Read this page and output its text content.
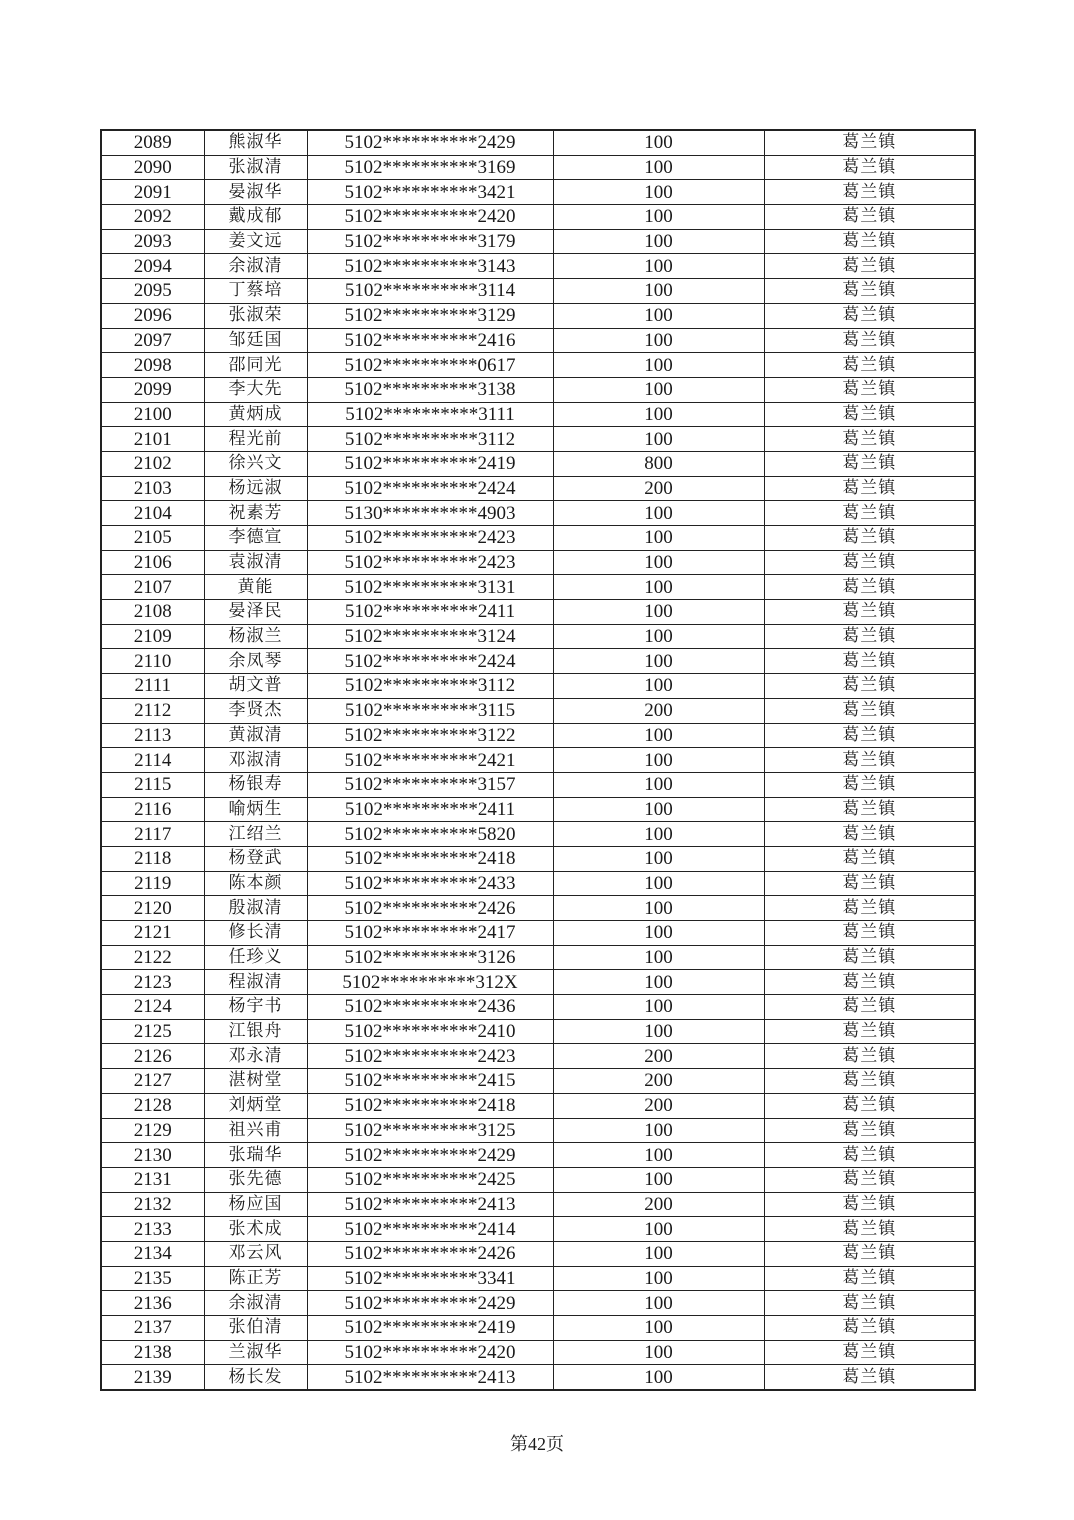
2089	熊淑华	5102**********2429	100	葛兰镇
2090	张淑清	5102**********3169	100	葛兰镇
2091	晏淑华	5102**********3421	100	葛兰镇
2092	戴成郁	5102**********2420	100	葛兰镇
2093	姜文远	5102**********3179	100	葛兰镇
2094	余淑清	5102**********3143	100	葛兰镇
2095	丁蔡培	5102**********3114	100	葛兰镇
2096	张淑荣	5102**********3129	100	葛兰镇
2097	邹廷国	5102**********2416	100	葛兰镇
2098	邵同光	5102**********0617	100	葛兰镇
2099	李大先	5102**********3138	100	葛兰镇
2100	黄炳成	5102**********3111	100	葛兰镇
2101	程光前	5102**********3112	100	葛兰镇
2102	徐兴文	5102**********2419	800	葛兰镇
2103	杨远淑	5102**********2424	200	葛兰镇
2104	祝素芳	5130**********4903	100	葛兰镇
2105	李德宣	5102**********2423	100	葛兰镇
2106	袁淑清	5102**********2423	100	葛兰镇
2107	黄能	5102**********3131	100	葛兰镇
2108	晏泽民	5102**********2411	100	葛兰镇
2109	杨淑兰	5102**********3124	100	葛兰镇
2110	余凤琴	5102**********2424	100	葛兰镇
2111	胡文普	5102**********3112	100	葛兰镇
2112	李贤杰	5102**********3115	200	葛兰镇
2113	黄淑清	5102**********3122	100	葛兰镇
2114	邓淑清	5102**********2421	100	葛兰镇
2115	杨银寿	5102**********3157	100	葛兰镇
2116	喻炳生	5102**********2411	100	葛兰镇
2117	江绍兰	5102**********5820	100	葛兰镇
2118	杨登武	5102**********2418	100	葛兰镇
2119	陈本颜	5102**********2433	100	葛兰镇
2120	殷淑清	5102**********2426	100	葛兰镇
2121	修长清	5102**********2417	100	葛兰镇
2122	任珍义	5102**********3126	100	葛兰镇
2123	程淑清	5102**********312X	100	葛兰镇
2124	杨宇书	5102**********2436	100	葛兰镇
2125	江银舟	5102**********2410	100	葛兰镇
2126	邓永清	5102**********2423	200	葛兰镇
2127	湛树堂	5102**********2415	200	葛兰镇
2128	刘炳堂	5102**********2418	200	葛兰镇
2129	祖兴甫	5102**********3125	100	葛兰镇
2130	张瑞华	5102**********2429	100	葛兰镇
2131	张先德	5102**********2425	100	葛兰镇
2132	杨应国	5102**********2413	200	葛兰镇
2133	张术成	5102**********2414	100	葛兰镇
2134	邓云风	5102**********2426	100	葛兰镇
2135	陈正芳	5102**********3341	100	葛兰镇
2136	余淑清	5102**********2429	100	葛兰镇
2137	张伯清	5102**********2419	100	葛兰镇
2138	兰淑华	5102**********2420	100	葛兰镇
2139	杨长发	5102**********2413	100	葛兰镇
第42页
